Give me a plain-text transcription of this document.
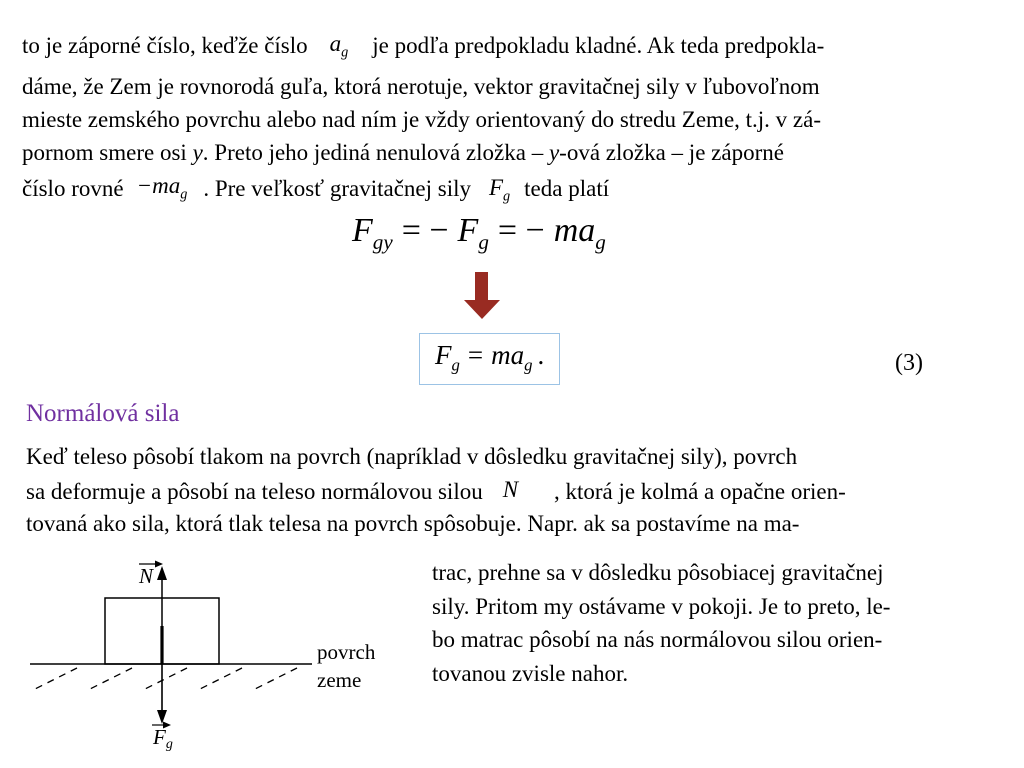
to je záporné číslo, keďže číslo $a_g$ je podľa predpokladu kladné. Ak teda predpokla-
dáme, že Zem je rovnorodá guľa, ktorá nerotuje, vektor gravitačnej sily v ľubovoľnom
mieste zemského povrchu alebo nad ním je vždy orientovaný do stredu Zeme, t.j. v zá-
pornom smere osi y. Preto jeho jediná nenulová zložka – y-ová zložka – je záporné
číslo rovné $-ma_g$ . Pre veľkosť gravitačnej sily $F_g$ teda platí
$F_{gy}$ = − $F_g$ = − $ma_g$
$F_g = ma_g$ .	(3)
Normálová sila
Keď teleso pôsobí tlakom na povrch (napríklad v dôsledku gravitačnej sily), povrch
sa deformuje a pôsobí na teleso normálovou silou N⃗ , ktorá je kolmá a opačne orien-
tovaná ako sila, ktorá tlak telesa na povrch spôsobuje. Napr. ak sa postavíme na ma-
trac, prehne sa v dôsledku pôsobiacej gravitačnej
sily. Pritom my ostávame v pokoji. Je to preto, le-
bo matrac pôsobí na nás normálovou silou orien-
tovanou zvisle nahor.
N
Fg
povrch
zeme
